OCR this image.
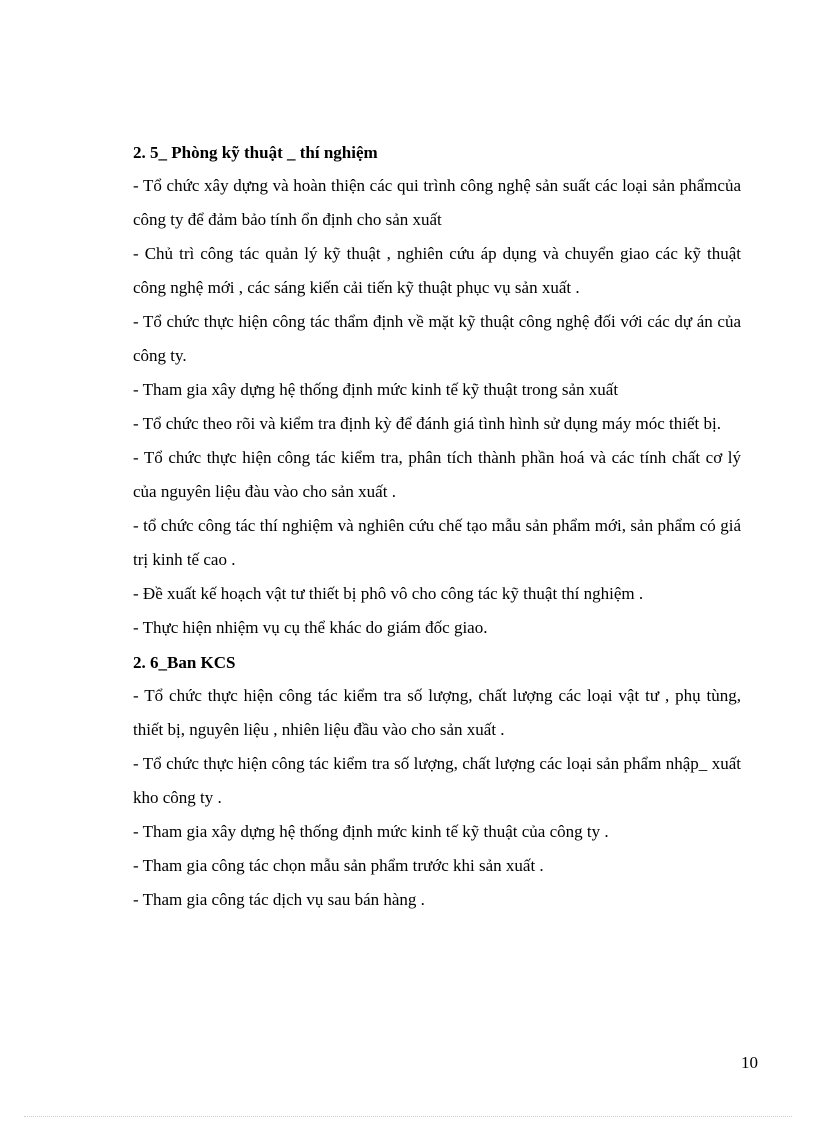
2. 5_ Phòng kỹ thuật _ thí nghiệm

- Tổ chức xây dựng và hoàn thiện các qui trình công nghệ sản suất các loại sản phẩmcủa công ty để đảm bảo tính ổn định cho sản xuất

- Chủ trì công tác quản lý kỹ thuật , nghiên cứu áp dụng và chuyển giao các kỹ thuật công nghệ mới , các sáng kiến cải tiến kỹ thuật phục vụ sản xuất .

- Tổ chức thực hiện công tác thẩm định về mặt kỹ thuật công nghệ đối với các dự án của công ty.

- Tham gia xây dựng hệ thống định mức kinh tế kỹ thuật trong sản xuất

- Tổ chức theo rõi và kiểm tra định kỳ để đánh giá tình hình sử dụng máy móc thiết bị.

- Tổ chức thực hiện công tác kiểm tra, phân tích thành phần hoá và các tính chất cơ lý của nguyên liệu đàu vào cho sản xuất .

- tổ chức công tác thí nghiệm và nghiên cứu chế tạo mẫu sản phẩm mới, sản phẩm có giá trị kinh tế cao .

- Đề xuất kế hoạch vật tư thiết bị phô vô cho công tác kỹ thuật thí nghiệm .

- Thực hiện nhiệm vụ cụ thể khác do giám đốc giao.

2. 6_Ban KCS

- Tổ chức thực hiện công tác kiểm tra số lượng, chất lượng các loại vật tư , phụ tùng, thiết bị, nguyên liệu , nhiên liệu đầu vào cho sản xuất .

- Tổ chức thực hiện công tác kiểm tra số lượng, chất lượng các loại sản phẩm nhập_ xuất kho công ty .

- Tham gia xây dựng hệ thống định mức kinh tế kỹ thuật của công ty .

- Tham gia công tác chọn mẫu sản phẩm trước khi sản xuất .

- Tham gia công tác dịch vụ sau bán hàng .

10
